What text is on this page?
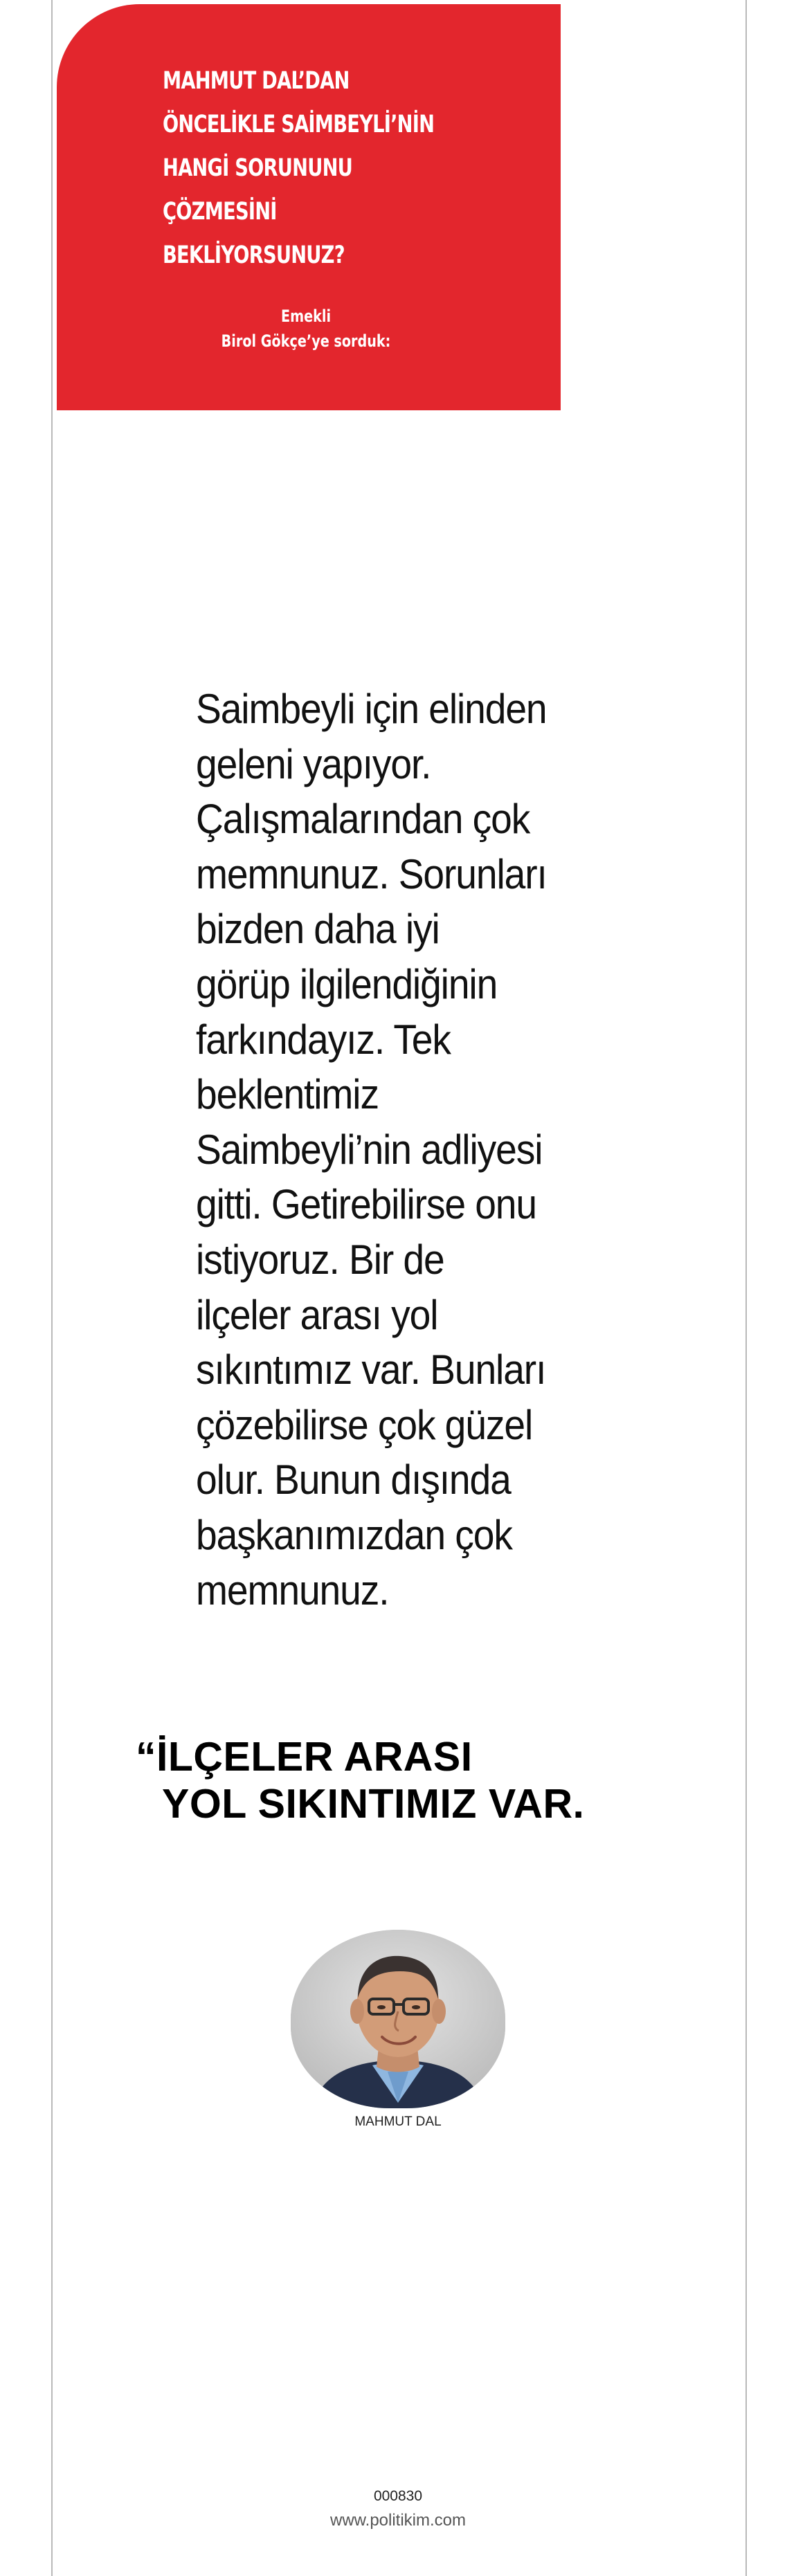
MAHMUT DAL’DAN
ÖNCELİKLE SAİMBEYLİ’NİN
HANGİ SORUNUNU
ÇÖZMESİNİ
BEKLİYORSUNUZ?
Emekli
Birol Gökçe’ye sorduk:
Saimbeyli için elinden
geleni yapıyor.
Çalışmalarından çok
memnunuz. Sorunları
bizden daha iyi
görüp ilgilendiğinin
farkındayız. Tek
beklentimiz
Saimbeyli’nin adliyesi
gitti. Getirebilirse onu
istiyoruz. Bir de
ilçeler arası yol
sıkıntımız var. Bunları
çözebilirse çok güzel
olur. Bunun dışında
başkanımızdan çok
memnunuz.
“İLÇELER ARASI
YOL SIKINTIMIZ VAR.
MAHMUT DAL
000830
www.politikim.com
